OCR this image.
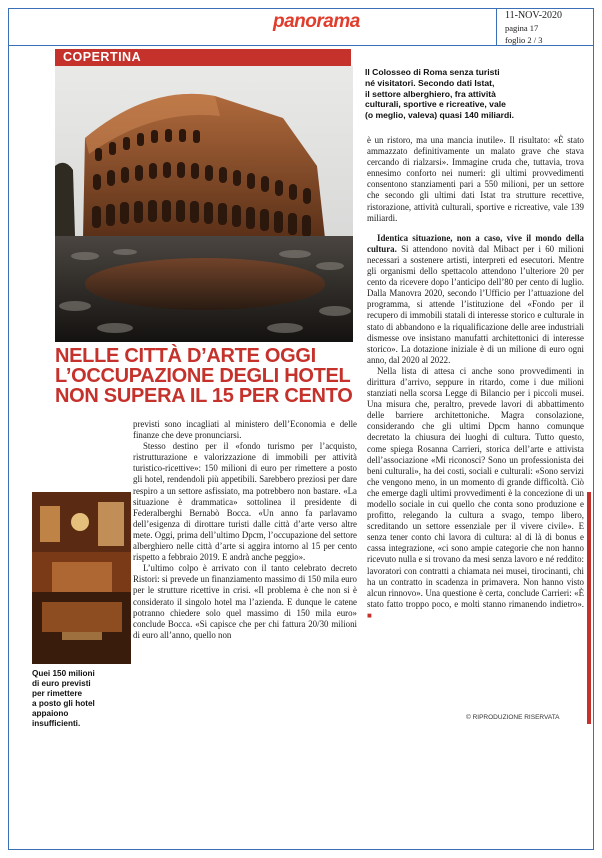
panorama	11-NOV-2020
pagina 17
foglio 2 / 3
COPERTINA

Il Colosseo di Roma senza turisti

né visitatori. Secondo dati Istat,

il settore alberghiero, fra attività

culturali, sportive e ricreative, vale

(o meglio, valeva) quasi 140 miliardi.

NELLE CITTÀ D’ARTE OGGI
L’OCCUPAZIONE DEGLI HOTEL
NON SUPERA IL 15 PER CENTO

Quei 150 milioni

di euro previsti

per rimettere

a posto gli hotel

appaiono

insufficienti.

previsti sono incagliati al ministero dell’Economia e delle finanze che deve pronunciarsi.

Stesso destino per il «fondo turismo per l’acquisto, ristrutturazione e valorizzazione di immobili per attività turistico-ricettive»: 150 milioni di euro per rimettere a posto gli hotel, rendendoli più appetibili. Sarebbero preziosi per dare respiro a un settore asfissiato, ma potrebbero non bastare. «La situazione è drammatica» sottolinea il presidente di Federalberghi Bernabò Bocca. «Un anno fa parlavamo dell’esigenza di dirottare turisti dalle città d’arte verso altre mete. Oggi, prima dell’ultimo Dpcm, l’occupazione del settore alberghiero nelle città d’arte si aggira intorno al 15 per cento rispetto a febbraio 2019. E andrà anche peggio».

L’ultimo colpo è arrivato con il tanto celebrato decreto Ristori: si prevede un finanziamento massimo di 150 mila euro per le strutture ricettive in crisi. «Il problema è che non si è considerato il singolo hotel ma l’azienda. E dunque le catene potranno chiedere solo quel massimo di 150 mila euro» conclude Bocca. «Si capisce che per chi fattura 20/30 milioni di euro all’anno, quello non

è un ristoro, ma una mancia inutile». Il risultato: «È stato ammazzato definitivamente un malato grave che stava cercando di rialzarsi». Immagine cruda che, tuttavia, trova ennesimo conforto nei numeri: gli ultimi provvedimenti consentono stanziamenti pari a 550 milioni, per un settore che secondo gli ultimi dati Istat tra strutture recettive, ristorazione, attività culturali, sportive e ricreative, vale 139 miliardi.

Identica situazione, non a caso, vive il mondo della cultura. Si attendono novità dal Mibact per i 60 milioni necessari a sostenere artisti, interpreti ed esecutori. Mentre gli organismi dello spettacolo attendono l’ulteriore 20 per cento da ricevere dopo l’anticipo dell’80 per cento di luglio. Dalla Manovra 2020, secondo l’Ufficio per l’attuazione del programma, si attende l’istituzione del «Fondo per il recupero di immobili statali di interesse storico e culturale in stato di abbandono e la riqualificazione delle aree industriali dismesse ove insistano manufatti architettonici di interesse storico». La dotazione iniziale è di un milione di euro ogni anno, dal 2020 al 2022.

Nella lista di attesa ci anche sono provvedimenti in dirittura d’arrivo, seppure in ritardo, come i due milioni stanziati nella scorsa Legge di Bilancio per i piccoli musei. Una misura che, peraltro, prevede lavori di abbattimento delle barriere architettoniche. Magra consolazione, considerando che gli ultimi Dpcm hanno comunque decretato la chiusura dei luoghi di cultura. Tutto questo, come spiega Rosanna Carrieri, storica dell’arte e attivista dell’associazione «Mi riconosci? Sono un professionista dei beni culturali», ha dei costi, sociali e culturali: «Sono servizi che vengono meno, in un momento di grande difficoltà. Ciò che emerge dagli ultimi provvedimenti è la concezione di un modello sociale in cui quello che conta sono produzione e profitto, relegando la cultura a svago, tempo libero, screditando un settore essenziale per il vivere civile». E senza tener conto chi lavora di cultura: al di là di bonus e cassa integrazione, «ci sono ampie categorie che non hanno ricevuto nulla e si trovano da mesi senza lavoro e né reddito: lavoratori con contratti a chiamata nei musei, tirocinanti, chi ha un contratto in scadenza in primavera. Non hanno visto alcun rinnovo». Una questione è certa, conclude Carrieri: «È stato fatto troppo poco, e molti stanno rimanendo indietro». ■

© RIPRODUZIONE RISERVATA
